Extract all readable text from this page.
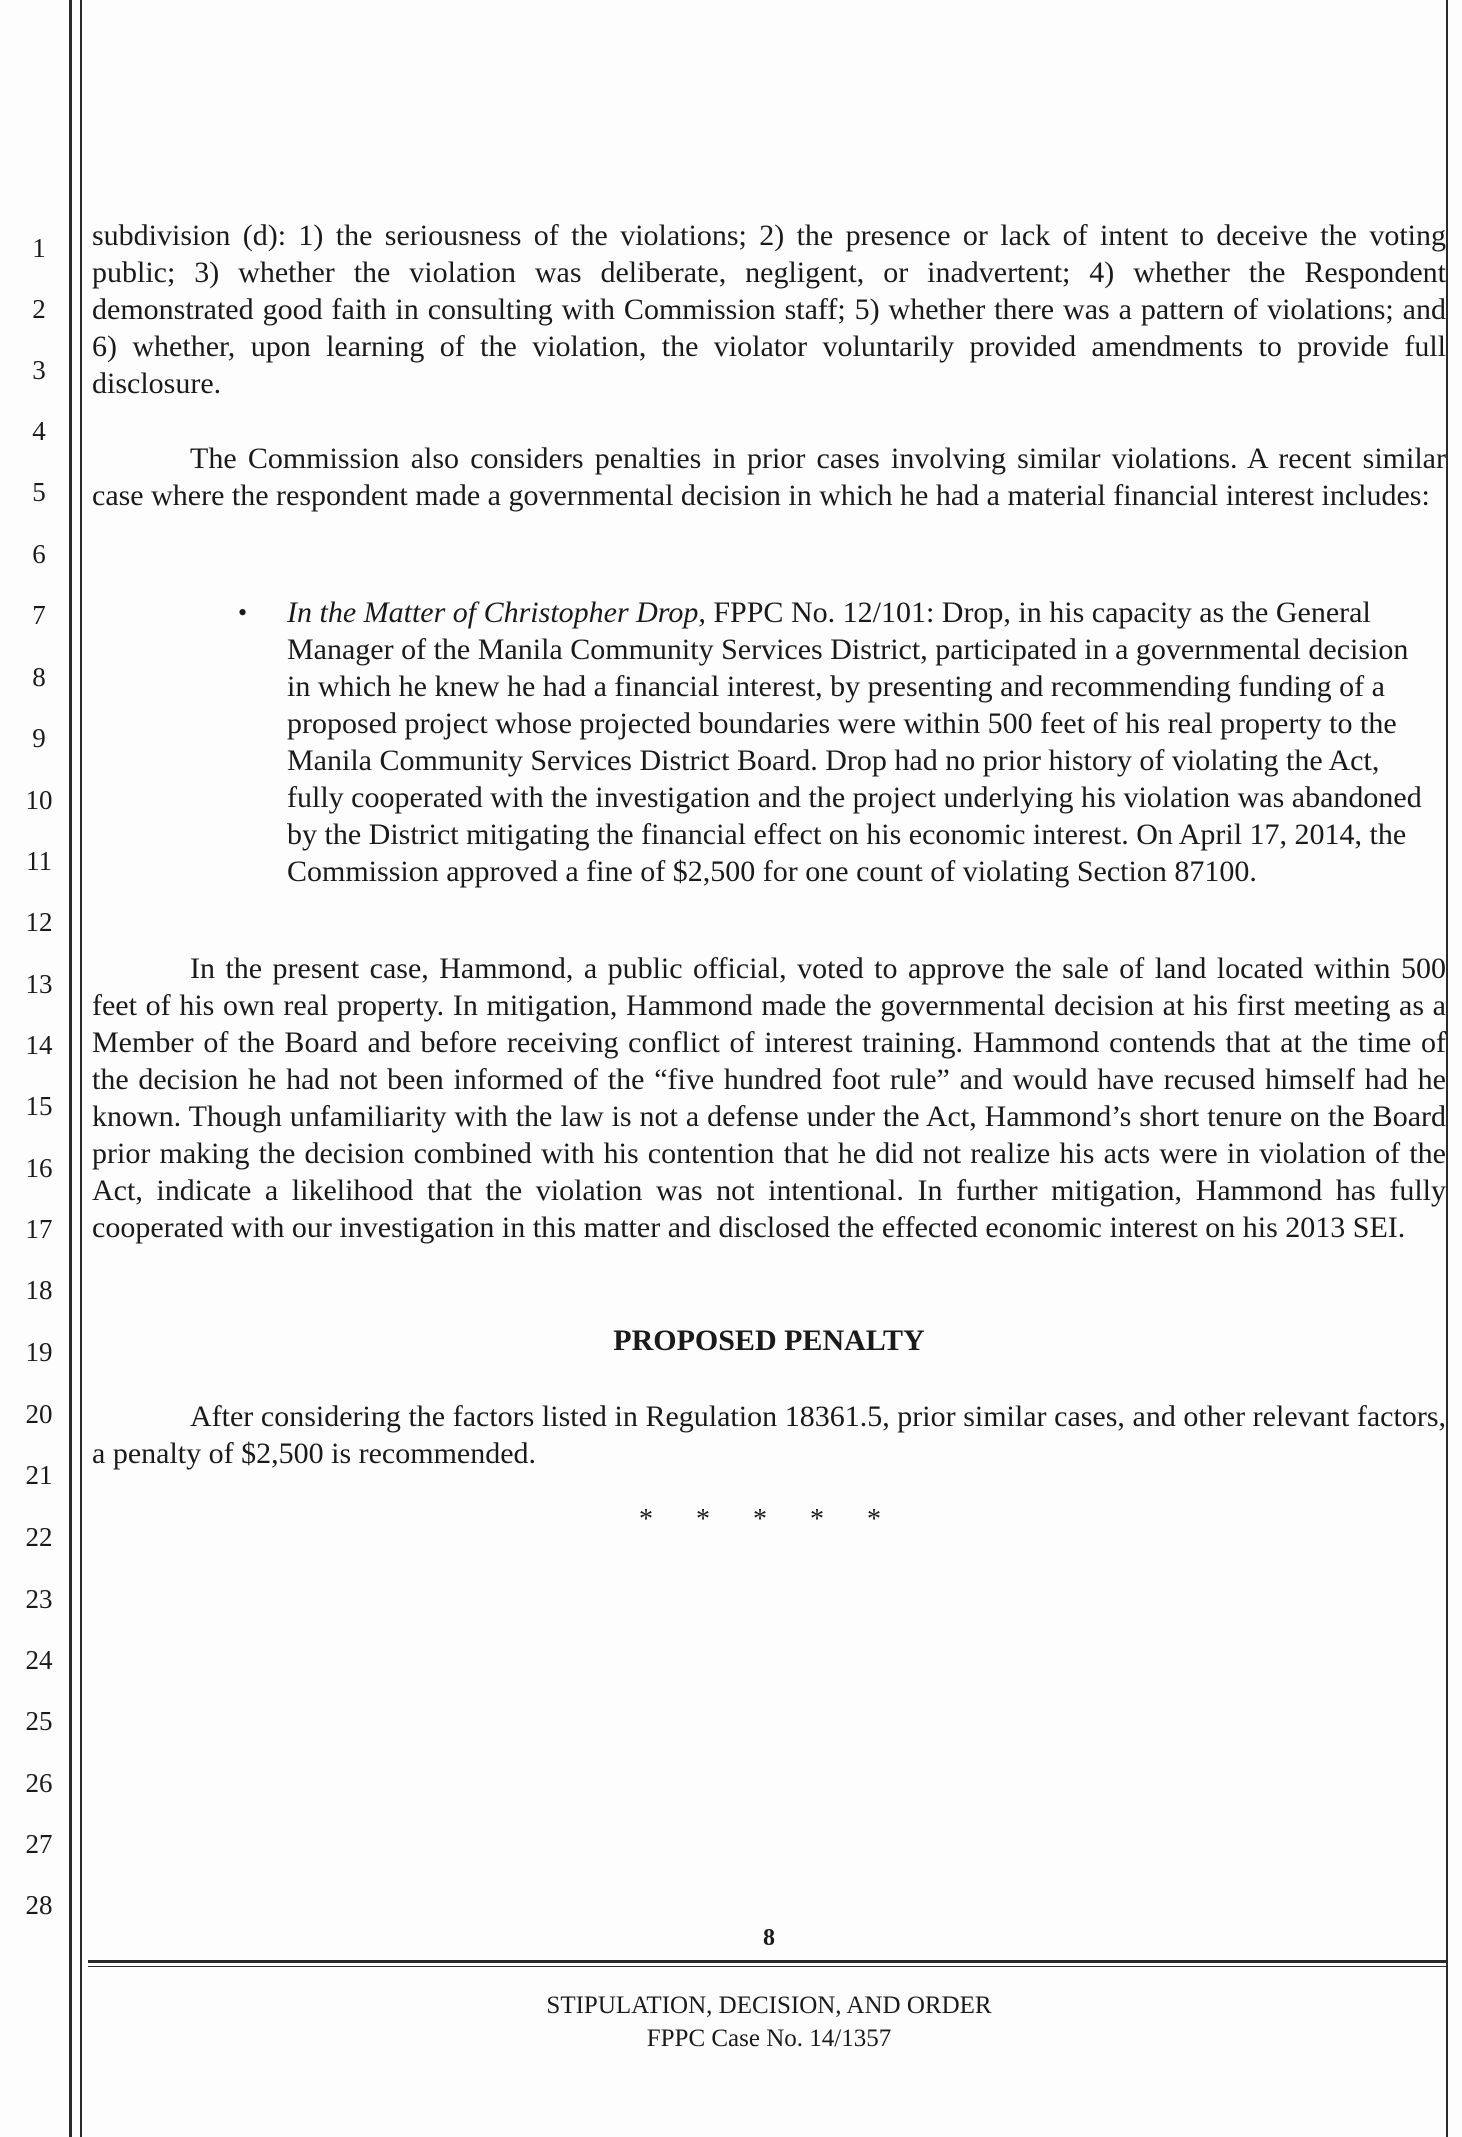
1
2
3
4
5
6
7
8
9
10
11
12
13
14
15
16
17
18
19
20
21
22
23
24
25
26
27
28

subdivision (d): 1) the seriousness of the violations; 2) the presence or lack of intent to deceive the voting public; 3) whether the violation was deliberate, negligent, or inadvertent; 4) whether the Respondent demonstrated good faith in consulting with Commission staff; 5) whether there was a pattern of violations; and 6) whether, upon learning of the violation, the violator voluntarily provided amendments to provide full disclosure.

The Commission also considers penalties in prior cases involving similar violations. A recent similar case where the respondent made a governmental decision in which he had a material financial interest includes:

• In the Matter of Christopher Drop, FPPC No. 12/101: Drop, in his capacity as the General Manager of the Manila Community Services District, participated in a governmental decision in which he knew he had a financial interest, by presenting and recommending funding of a proposed project whose projected boundaries were within 500 feet of his real property to the Manila Community Services District Board. Drop had no prior history of violating the Act, fully cooperated with the investigation and the project underlying his violation was abandoned by the District mitigating the financial effect on his economic interest. On April 17, 2014, the Commission approved a fine of $2,500 for one count of violating Section 87100.

In the present case, Hammond, a public official, voted to approve the sale of land located within 500 feet of his own real property. In mitigation, Hammond made the governmental decision at his first meeting as a Member of the Board and before receiving conflict of interest training. Hammond contends that at the time of the decision he had not been informed of the “five hundred foot rule” and would have recused himself had he known. Though unfamiliarity with the law is not a defense under the Act, Hammond’s short tenure on the Board prior making the decision combined with his contention that he did not realize his acts were in violation of the Act, indicate a likelihood that the violation was not intentional. In further mitigation, Hammond has fully cooperated with our investigation in this matter and disclosed the effected economic interest on his 2013 SEI.

PROPOSED PENALTY

After considering the factors listed in Regulation 18361.5, prior similar cases, and other relevant factors, a penalty of $2,500 is recommended.

* * * * *
8
STIPULATION, DECISION, AND ORDER
FPPC Case No. 14/1357
